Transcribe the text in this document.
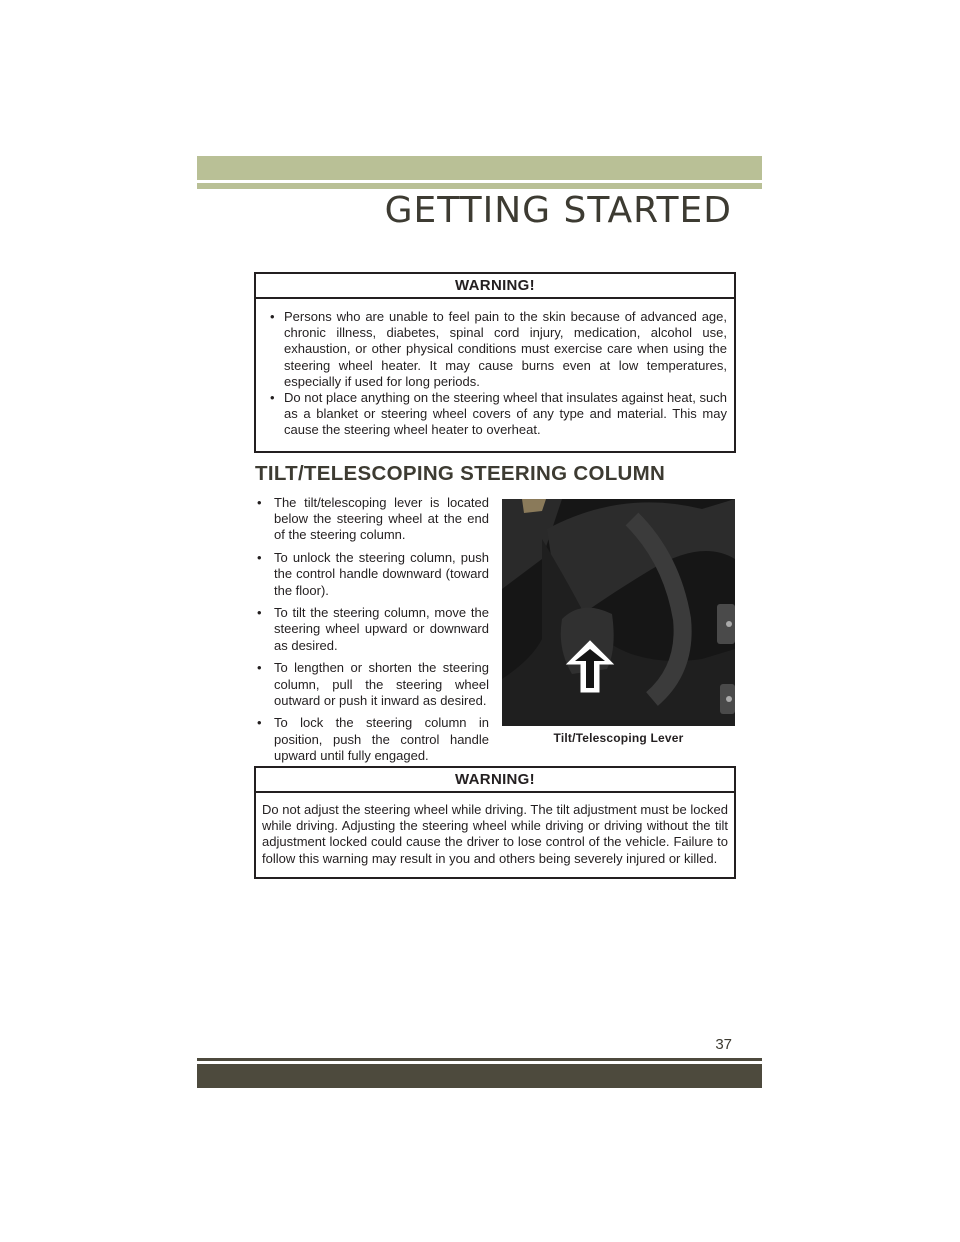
GETTING STARTED
WARNING!
• Persons who are unable to feel pain to the skin because of advanced age, chronic illness, diabetes, spinal cord injury, medication, alcohol use, exhaustion, or other physical conditions must exercise care when using the steering wheel heater. It may cause burns even at low temperatures, especially if used for long periods.
• Do not place anything on the steering wheel that insulates against heat, such as a blanket or steering wheel covers of any type and material. This may cause the steering wheel heater to overheat.
TILT/TELESCOPING STEERING COLUMN
• The tilt/telescoping lever is located below the steering wheel at the end of the steering column.
• To unlock the steering column, push the control handle downward (toward the floor).
• To tilt the steering column, move the steering wheel upward or downward as desired.
• To lengthen or shorten the steering column, pull the steering wheel outward or push it inward as desired.
• To lock the steering column in position, push the control handle upward until fully engaged.
Tilt/Telescoping Lever
WARNING!
Do not adjust the steering wheel while driving. The tilt adjustment must be locked while driving. Adjusting the steering wheel while driving or driving without the tilt adjustment locked could cause the driver to lose control of the vehicle. Failure to follow this warning may result in you and others being severely injured or killed.
37
